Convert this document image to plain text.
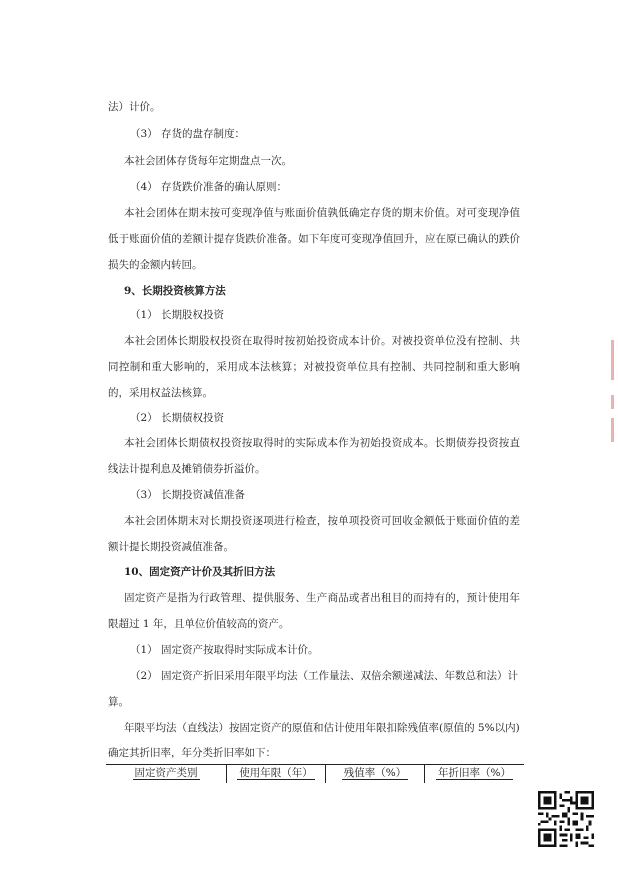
法）计价。
（3） 存货的盘存制度：
本社会团体存货每年定期盘点一次。
（4） 存货跌价准备的确认原则：
本社会团体在期末按可变现净值与账面价值孰低确定存货的期末价值。对可变现净值
低于账面价值的差额计提存货跌价准备。如下年度可变现净值回升，应在原已确认的跌价
损失的金额内转回。
9、长期投资核算方法
（1） 长期股权投资
本社会团体长期股权投资在取得时按初始投资成本计价。对被投资单位没有控制、共
同控制和重大影响的，采用成本法核算；对被投资单位具有控制、共同控制和重大影响
的，采用权益法核算。
（2） 长期债权投资
本社会团体长期债权投资按取得时的实际成本作为初始投资成本。长期债券投资按直
线法计提利息及摊销债券折溢价。
（3） 长期投资减值准备
本社会团体期末对长期投资逐项进行检查，按单项投资可回收金额低于账面价值的差
额计提长期投资减值准备。
10、固定资产计价及其折旧方法
固定资产是指为行政管理、提供服务、生产商品或者出租目的而持有的，预计使用年
限超过 1 年，且单位价值较高的资产。
（1） 固定资产按取得时实际成本计价。
（2） 固定资产折旧采用年限平均法（工作量法、双倍余额递减法、年数总和法）计
算。
年限平均法（直线法）按固定资产的原值和估计使用年限扣除残值率(原值的 5%以内)
确定其折旧率，年分类折旧率如下：
固定资产类别	使用年限（年）	残值率（%）	年折旧率（%）
